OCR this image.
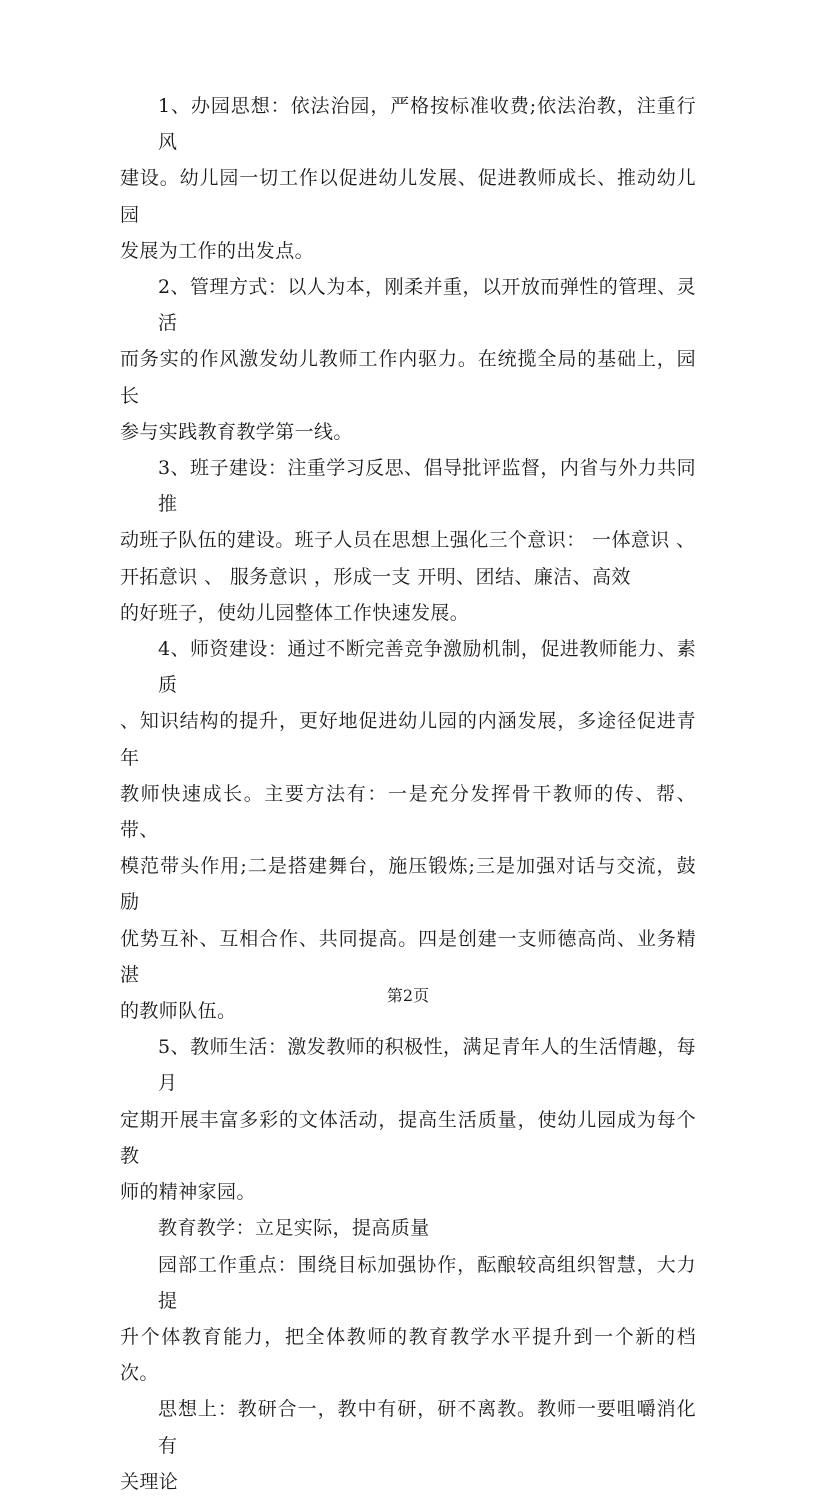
1、办园思想：依法治园，严格按标准收费;依法治教，注重行风
建设。幼儿园一切工作以促进幼儿发展、促进教师成长、推动幼儿园
发展为工作的出发点。

2、管理方式：以人为本，刚柔并重，以开放而弹性的管理、灵活
而务实的作风激发幼儿教师工作内驱力。在统揽全局的基础上，园长
参与实践教育教学第一线。

3、班子建设：注重学习反思、倡导批评监督，内省与外力共同推
动班子队伍的建设。班子人员在思想上强化三个意识： 一体意识 、
开拓意识 、 服务意识 ，形成一支 开明、团结、廉洁、高效
的好班子，使幼儿园整体工作快速发展。

4、师资建设：通过不断完善竞争激励机制，促进教师能力、素质
、知识结构的提升，更好地促进幼儿园的内涵发展，多途径促进青年
教师快速成长。主要方法有：一是充分发挥骨干教师的传、帮、带、
模范带头作用;二是搭建舞台，施压锻炼;三是加强对话与交流，鼓励
优势互补、互相合作、共同提高。四是创建一支师德高尚、业务精湛
的教师队伍。

5、教师生活：激发教师的积极性，满足青年人的生活情趣，每月
定期开展丰富多彩的文体活动，提高生活质量，使幼儿园成为每个教
师的精神家园。

教育教学：立足实际，提高质量

园部工作重点：围绕目标加强协作，酝酿较高组织智慧，大力提
升个体教育能力，把全体教师的教育教学水平提升到一个新的档次。

思想上：教研合一，教中有研，研不离教。教师一要咀嚼消化有
关理论

第2页
